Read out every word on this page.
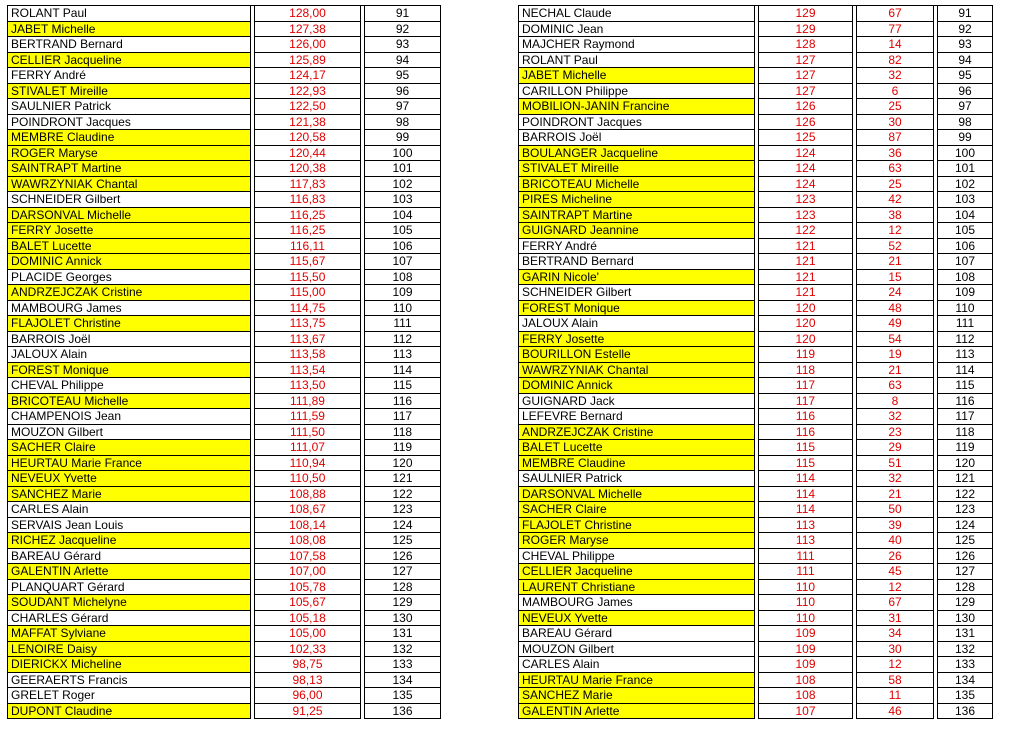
ROLANT Paul		128,00		91
JABET Michelle		127,38		92
BERTRAND Bernard		126,00		93
CELLIER Jacqueline		125,89		94
FERRY André		124,17		95
STIVALET Mireille		122,93		96
SAULNIER Patrick		122,50		97
POINDRONT Jacques		121,38		98
MEMBRE Claudine		120,58		99
ROGER Maryse		120,44		100
SAINTRAPT Martine		120,38		101
WAWRZYNIAK Chantal		117,83		102
SCHNEIDER Gilbert		116,83		103
DARSONVAL Michelle		116,25		104
FERRY Josette		116,25		105
BALET Lucette		116,11		106
DOMINIC Annick		115,67		107
PLACIDE Georges		115,50		108
ANDRZEJCZAK Cristine		115,00		109
MAMBOURG James		114,75		110
FLAJOLET Christine		113,75		111
BARROIS Joël		113,67		112
JALOUX Alain		113,58		113
FOREST Monique		113,54		114
CHEVAL Philippe		113,50		115
BRICOTEAU Michelle		111,89		116
CHAMPENOIS Jean		111,59		117
MOUZON Gilbert		111,50		118
SACHER Claire		111,07		119
HEURTAU Marie France		110,94		120
NEVEUX Yvette		110,50		121
SANCHEZ Marie		108,88		122
CARLES Alain		108,67		123
SERVAIS Jean Louis		108,14		124
RICHEZ Jacqueline		108,08		125
BAREAU Gérard		107,58		126
GALENTIN Arlette		107,00		127
PLANQUART Gérard		105,78		128
SOUDANT Michelyne		105,67		129
CHARLES Gérard		105,18		130
MAFFAT Sylviane		105,00		131
LENOIRE Daisy		102,33		132
DIERICKX Micheline		98,75		133
GEERAERTS Francis		98,13		134
GRELET Roger		96,00		135
DUPONT Claudine		91,25		136
NECHAL Claude		129		67		91
DOMINIC Jean		129		77		92
MAJCHER Raymond		128		14		93
ROLANT Paul		127		82		94
JABET Michelle		127		32		95
CARILLON Philippe		127		6		96
MOBILION-JANIN Francine		126		25		97
POINDRONT Jacques		126		30		98
BARROIS Joël		125		87		99
BOULANGER Jacqueline		124		36		100
STIVALET Mireille		124		63		101
BRICOTEAU Michelle		124		25		102
PIRES Micheline		123		42		103
SAINTRAPT Martine		123		38		104
GUIGNARD Jeannine		122		12		105
FERRY André		121		52		106
BERTRAND Bernard		121		21		107
GARIN Nicole'		121		15		108
SCHNEIDER Gilbert		121		24		109
FOREST Monique		120		48		110
JALOUX Alain		120		49		111
FERRY Josette		120		54		112
BOURILLON Estelle		119		19		113
WAWRZYNIAK Chantal		118		21		114
DOMINIC Annick		117		63		115
GUIGNARD Jack		117		8		116
LEFEVRE Bernard		116		32		117
ANDRZEJCZAK Cristine		116		23		118
BALET Lucette		115		29		119
MEMBRE Claudine		115		51		120
SAULNIER Patrick		114		32		121
DARSONVAL Michelle		114		21		122
SACHER Claire		114		50		123
FLAJOLET Christine		113		39		124
ROGER Maryse		113		40		125
CHEVAL Philippe		111		26		126
CELLIER Jacqueline		111		45		127
LAURENT Christiane		110		12		128
MAMBOURG James		110		67		129
NEVEUX Yvette		110		31		130
BAREAU Gérard		109		34		131
MOUZON Gilbert		109		30		132
CARLES Alain		109		12		133
HEURTAU Marie France		108		58		134
SANCHEZ Marie		108		11		135
GALENTIN Arlette		107		46		136
